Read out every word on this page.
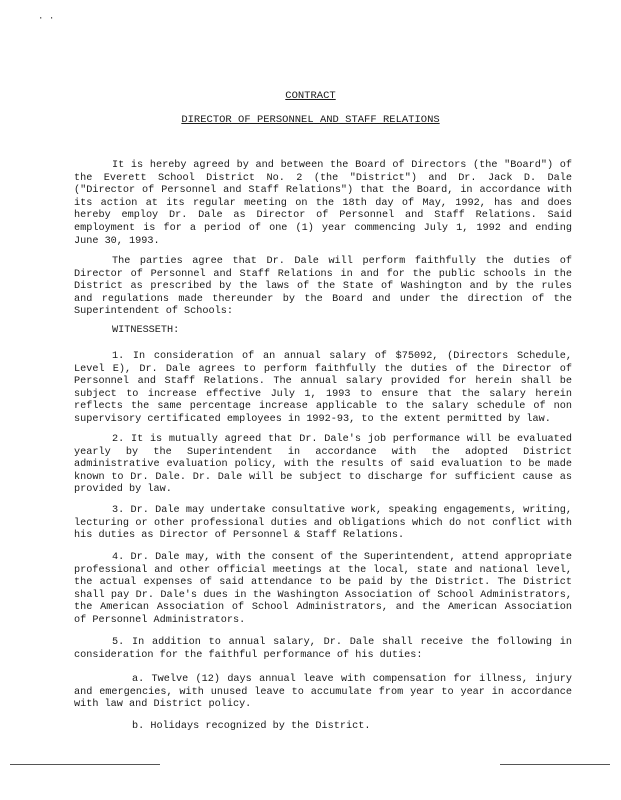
· ·
CONTRACT
DIRECTOR OF PERSONNEL AND STAFF RELATIONS

It is hereby agreed by and between the Board of Directors (the "Board") of the Everett School District No. 2 (the "District") and Dr. Jack D. Dale ("Director of Personnel and Staff Relations") that the Board, in accordance with its action at its regular meeting on the 18th day of May, 1992, has and does hereby employ Dr. Dale as Director of Personnel and Staff Relations. Said employment is for a period of one (1) year commencing July 1, 1992 and ending June 30, 1993.

The parties agree that Dr. Dale will perform faithfully the duties of Director of Personnel and Staff Relations in and for the public schools in the District as prescribed by the laws of the State of Washington and by the rules and regulations made thereunder by the Board and under the direction of the Superintendent of Schools:

WITNESSETH:

1. In consideration of an annual salary of $75092, (Directors Schedule, Level E), Dr. Dale agrees to perform faithfully the duties of the Director of Personnel and Staff Relations. The annual salary provided for herein shall be subject to increase effective July 1, 1993 to ensure that the salary herein reflects the same percentage increase applicable to the salary schedule of non supervisory certificated employees in 1992-93, to the extent permitted by law.

2. It is mutually agreed that Dr. Dale's job performance will be evaluated yearly by the Superintendent in accordance with the adopted District administrative evaluation policy, with the results of said evaluation to be made known to Dr. Dale. Dr. Dale will be subject to discharge for sufficient cause as provided by law.

3. Dr. Dale may undertake consultative work, speaking engagements, writing, lecturing or other professional duties and obligations which do not conflict with his duties as Director of Personnel & Staff Relations.

4. Dr. Dale may, with the consent of the Superintendent, attend appropriate professional and other official meetings at the local, state and national level, the actual expenses of said attendance to be paid by the District. The District shall pay Dr. Dale's dues in the Washington Association of School Administrators, the American Association of School Administrators, and the American Association of Personnel Administrators.

5. In addition to annual salary, Dr. Dale shall receive the following in consideration for the faithful performance of his duties:

a. Twelve (12) days annual leave with compensation for illness, injury and emergencies, with unused leave to accumulate from year to year in accordance with law and District policy.

b. Holidays recognized by the District.
